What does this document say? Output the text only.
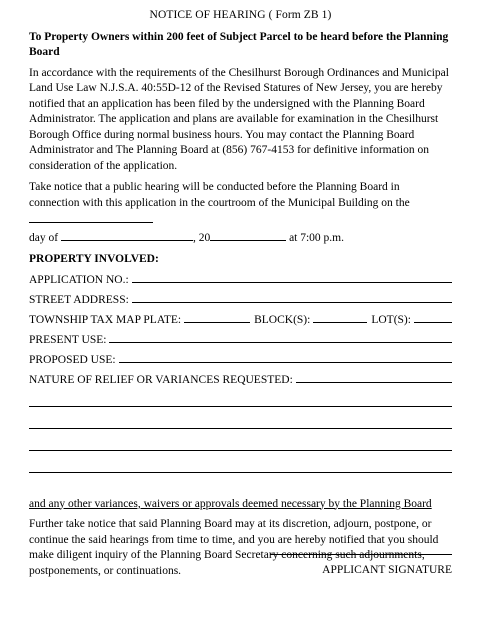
NOTICE OF HEARING ( Form ZB 1)
To Property Owners within 200 feet of Subject Parcel to be heard before the Planning Board

In accordance with the requirements of the Chesilhurst Borough Ordinances and Municipal Land Use Law N.J.S.A. 40:55D-12 of the Revised Statures of New Jersey, you are hereby notified that an application has been filed by the undersigned with the Planning Board Administrator. The application and plans are available for examination in the Chesilhurst Borough Office during normal business hours. You may contact the Planning Board Administrator and The Planning Board at (856) 767-4153 for definitive information on consideration of the application.

Take notice that a public hearing will be conducted before the Planning Board in connection with this application in the courtroom of the Municipal Building on the
day of	, 20	at 7:00 p.m.

PROPERTY INVOLVED:
APPLICATION NO.:
STREET ADDRESS:
TOWNSHIP TAX MAP PLATE:	BLOCK(S):	LOT(S):
PRESENT USE:
PROPOSED USE:
NATURE OF RELIEF OR VARIANCES REQUESTED:

and any other variances, waivers or approvals deemed necessary by the Planning Board

Further take notice that said Planning Board may at its discretion, adjourn, postpone, or continue the said hearings from time to time, and you are hereby notified that you should make diligent inquiry of the Planning Board Secretary concerning such adjournments, postponements, or continuations.	APPLICANT SIGNATURE
